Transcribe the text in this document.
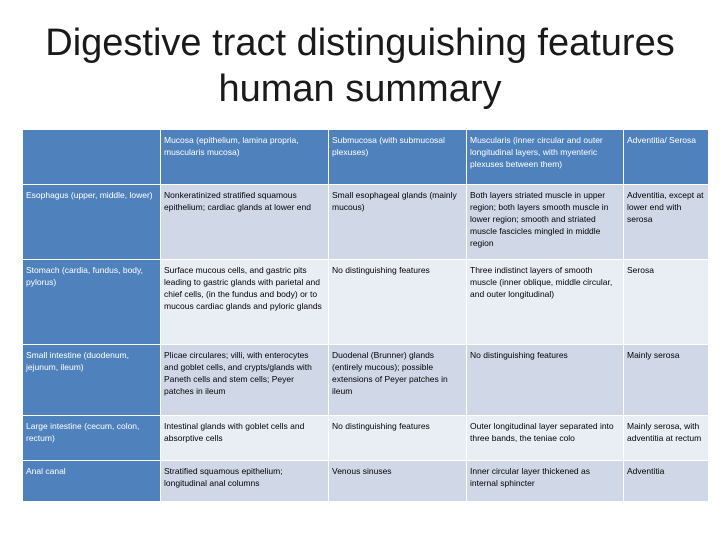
Digestive tract distinguishing features
human summary
	Mucosa (epithelium, lamina propria, muscularis mucosa)	Submucosa (with submucosal plexuses)	Muscularis (inner circular and outer longitudinal layers, with myenteric plexuses between them)	Adventitia/ Serosa
Esophagus (upper, middle, lower)	Nonkeratinized stratified squamous epithelium; cardiac glands at lower end	Small esophageal glands (mainly mucous)	Both layers striated muscle in upper region; both layers smooth muscle in lower region; smooth and striated muscle fascicles mingled in middle region	Adventitia, except at lower end with serosa
Stomach (cardia, fundus, body, pylorus)	Surface mucous cells, and gastric pits leading to gastric glands with parietal and chief cells, (in the fundus and body) or to mucous cardiac glands and pyloric glands	No distinguishing features	Three indistinct layers of smooth muscle (inner oblique, middle circular, and outer longitudinal)	Serosa
Small intestine (duodenum, jejunum, ileum)	Plicae circulares; villi, with enterocytes and goblet cells, and crypts/glands with Paneth cells and stem cells; Peyer patches in ileum	Duodenal (Brunner) glands (entirely mucous); possible extensions of Peyer patches in ileum	No distinguishing features	Mainly serosa
Large intestine (cecum, colon, rectum)	Intestinal glands with goblet cells and absorptive cells	No distinguishing features	Outer longitudinal layer separated into three bands, the teniae colo	Mainly serosa, with adventitia at rectum
Anal canal	Stratified squamous epithelium; longitudinal anal columns	Venous sinuses	Inner circular layer thickened as internal sphincter	Adventitia
